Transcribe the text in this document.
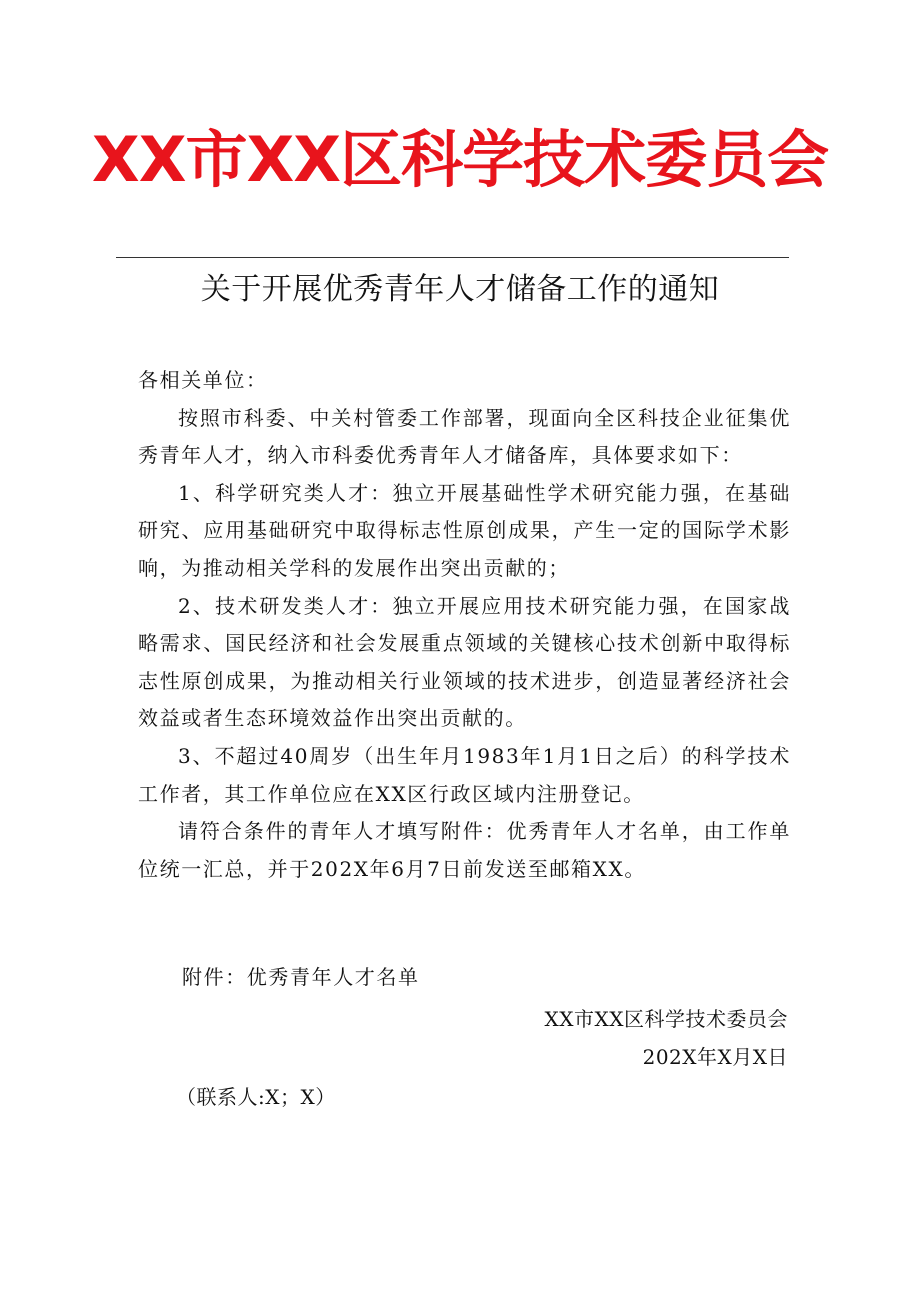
XX市XX区科学技术委员会
关于开展优秀青年人才储备工作的通知

各相关单位：

按照市科委、中关村管委工作部署，现面向全区科技企业征集优秀青年人才，纳入市科委优秀青年人才储备库，具体要求如下：

1、科学研究类人才：独立开展基础性学术研究能力强，在基础研究、应用基础研究中取得标志性原创成果，产生一定的国际学术影响，为推动相关学科的发展作出突出贡献的；

2、技术研发类人才：独立开展应用技术研究能力强，在国家战略需求、国民经济和社会发展重点领域的关键核心技术创新中取得标志性原创成果，为推动相关行业领域的技术进步，创造显著经济社会效益或者生态环境效益作出突出贡献的。

3、不超过40周岁（出生年月1983年1月1日之后）的科学技术工作者，其工作单位应在XX区行政区域内注册登记。

请符合条件的青年人才填写附件：优秀青年人才名单，由工作单位统一汇总，并于202X年6月7日前发送至邮箱XX。

附件：优秀青年人才名单
XX市XX区科学技术委员会
202X年X月X日
（联系人:X；X）
